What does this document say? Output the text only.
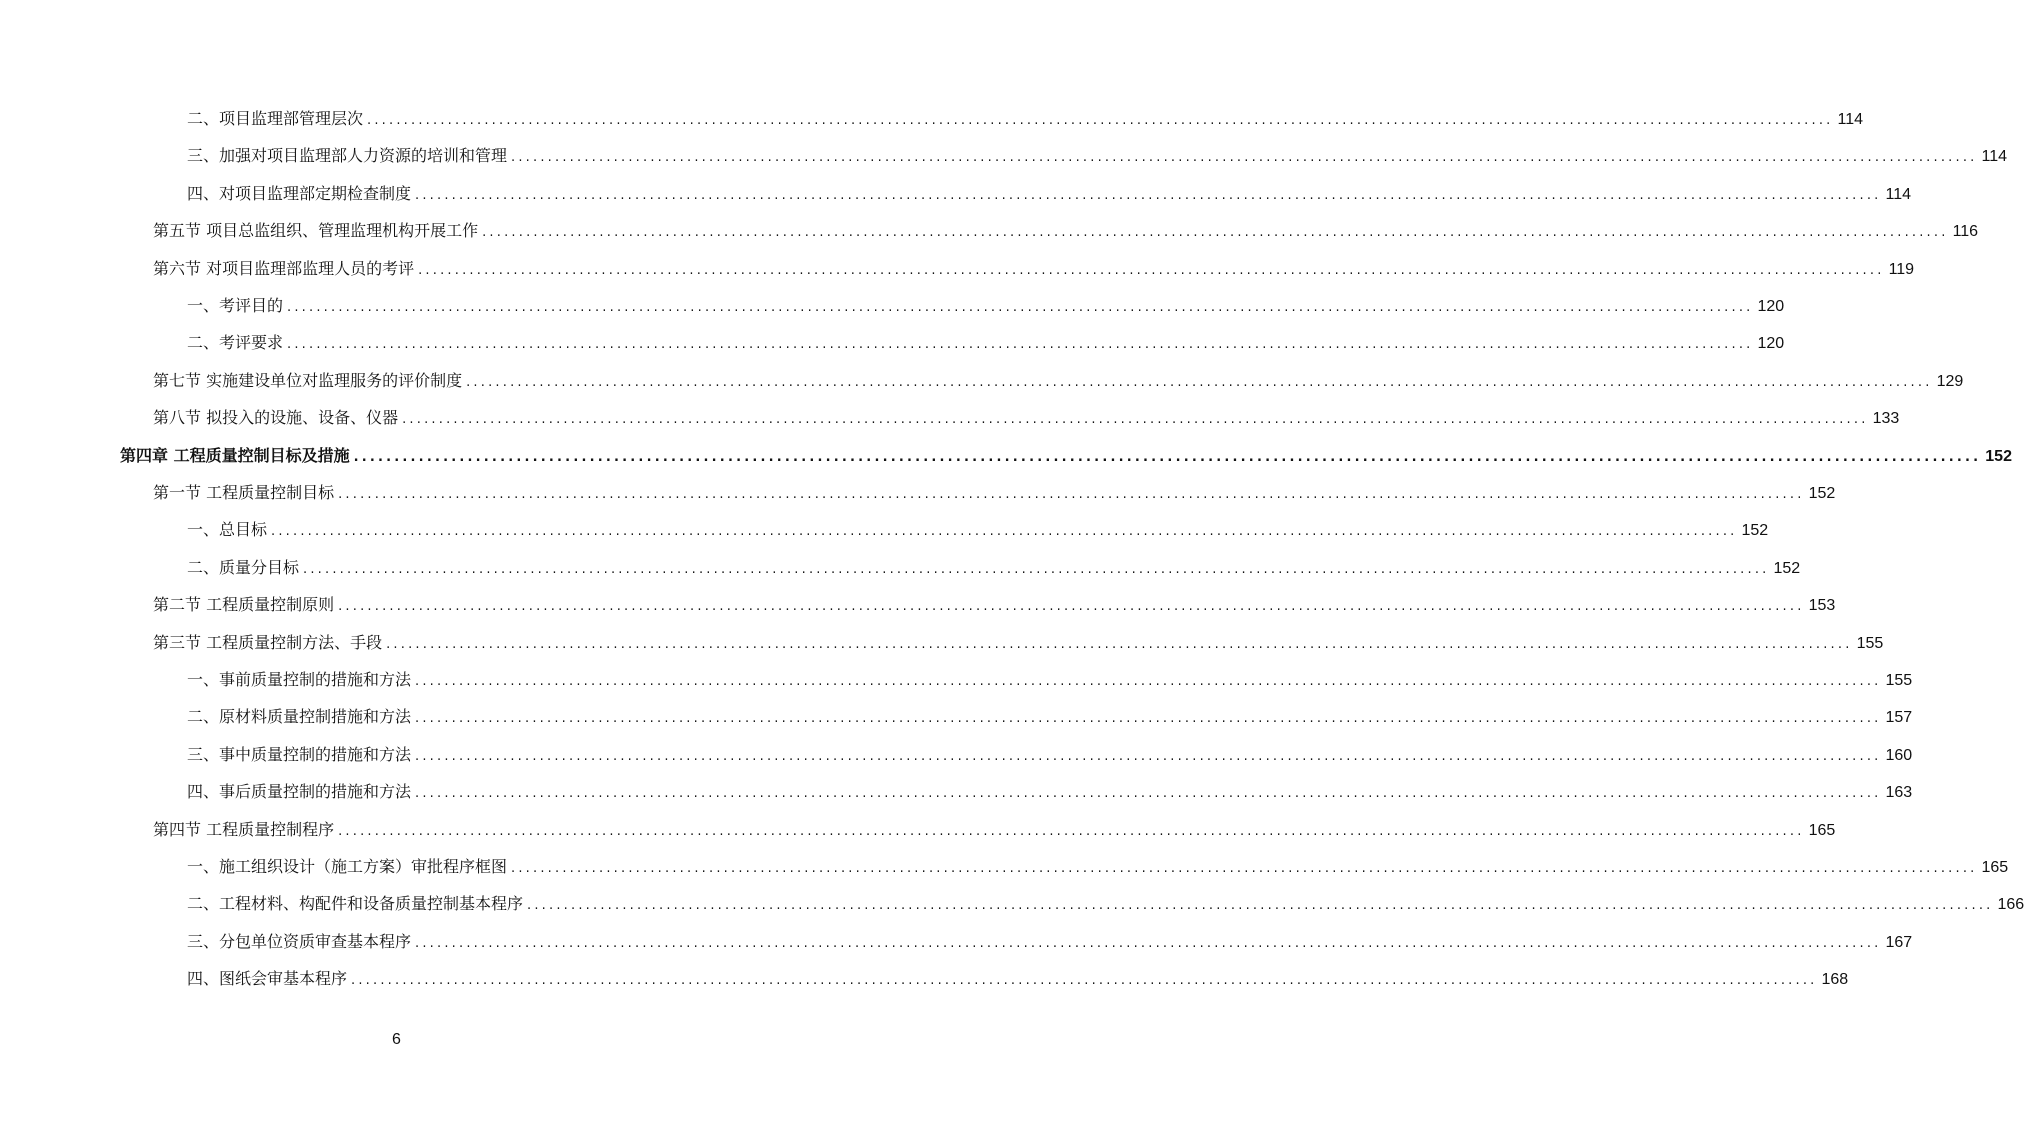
二、项目监理部管理层次 ........................................................................................................................................................................................................ 114
三、加强对项目监理部人力资源的培训和管理 ........................................................................................................................................................................................................ 114
四、对项目监理部定期检查制度 ........................................................................................................................................................................................................ 114
第五节 项目总监组织、管理监理机构开展工作 ........................................................................................................................................................................................................ 116
第六节 对项目监理部监理人员的考评 ........................................................................................................................................................................................................ 119
一、考评目的 ........................................................................................................................................................................................................ 120
二、考评要求 ........................................................................................................................................................................................................ 120
第七节 实施建设单位对监理服务的评价制度 ........................................................................................................................................................................................................ 129
第八节 拟投入的设施、设备、仪器 ........................................................................................................................................................................................................ 133
第四章 工程质量控制目标及措施 ........................................................................................................................................................................................................ 152
第一节 工程质量控制目标 ........................................................................................................................................................................................................ 152
一、总目标 ........................................................................................................................................................................................................ 152
二、质量分目标 ........................................................................................................................................................................................................ 152
第二节 工程质量控制原则 ........................................................................................................................................................................................................ 153
第三节 工程质量控制方法、手段 ........................................................................................................................................................................................................ 155
一、事前质量控制的措施和方法 ........................................................................................................................................................................................................ 155
二、原材料质量控制措施和方法 ........................................................................................................................................................................................................ 157
三、事中质量控制的措施和方法 ........................................................................................................................................................................................................ 160
四、事后质量控制的措施和方法 ........................................................................................................................................................................................................ 163
第四节 工程质量控制程序 ........................................................................................................................................................................................................ 165
一、施工组织设计（施工方案）审批程序框图 ........................................................................................................................................................................................................ 165
二、工程材料、构配件和设备质量控制基本程序 ........................................................................................................................................................................................................ 166
三、分包单位资质审查基本程序 ........................................................................................................................................................................................................ 167
四、图纸会审基本程序 ........................................................................................................................................................................................................ 168
6
